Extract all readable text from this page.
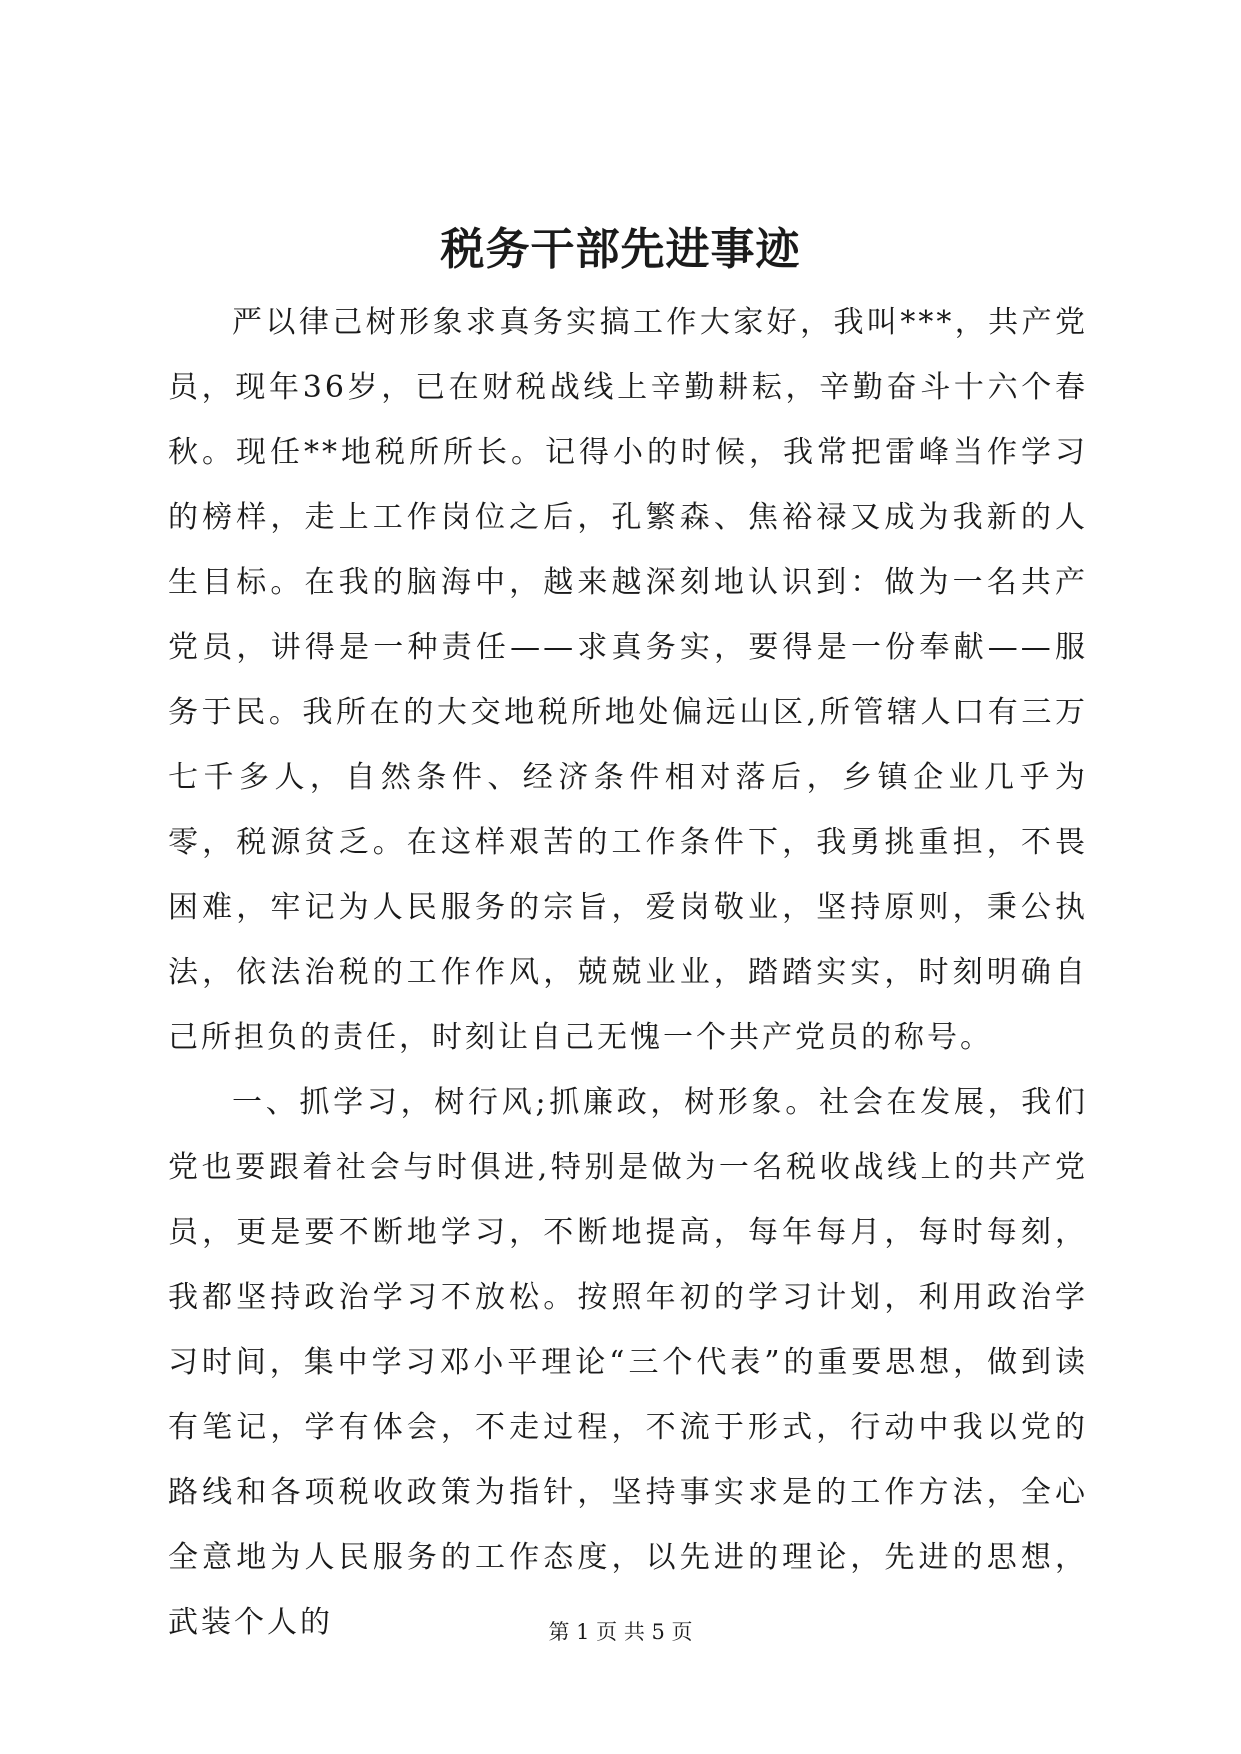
税务干部先进事迹

严以律己树形象求真务实搞工作大家好，我叫***，共产党员，现年36岁，已在财税战线上辛勤耕耘，辛勤奋斗十六个春秋。现任**地税所所长。记得小的时候，我常把雷峰当作学习的榜样，走上工作岗位之后，孔繁森、焦裕禄又成为我新的人生目标。在我的脑海中，越来越深刻地认识到：做为一名共产党员，讲得是一种责任——求真务实，要得是一份奉献——服务于民。我所在的大交地税所地处偏远山区,所管辖人口有三万七千多人，自然条件、经济条件相对落后，乡镇企业几乎为零，税源贫乏。在这样艰苦的工作条件下，我勇挑重担，不畏困难，牢记为人民服务的宗旨，爱岗敬业，坚持原则，秉公执法，依法治税的工作作风，兢兢业业，踏踏实实，时刻明确自己所担负的责任，时刻让自己无愧一个共产党员的称号。

一、抓学习，树行风;抓廉政，树形象。社会在发展，我们党也要跟着社会与时俱进,特别是做为一名税收战线上的共产党员，更是要不断地学习，不断地提高，每年每月，每时每刻，我都坚持政治学习不放松。按照年初的学习计划，利用政治学习时间，集中学习邓小平理论“三个代表”的重要思想，做到读有笔记，学有体会，不走过程，不流于形式，行动中我以党的路线和各项税收政策为指针，坚持事实求是的工作方法，全心全意地为人民服务的工作态度，以先进的理论，先进的思想，武装个人的	第 1 页 共 5 页
